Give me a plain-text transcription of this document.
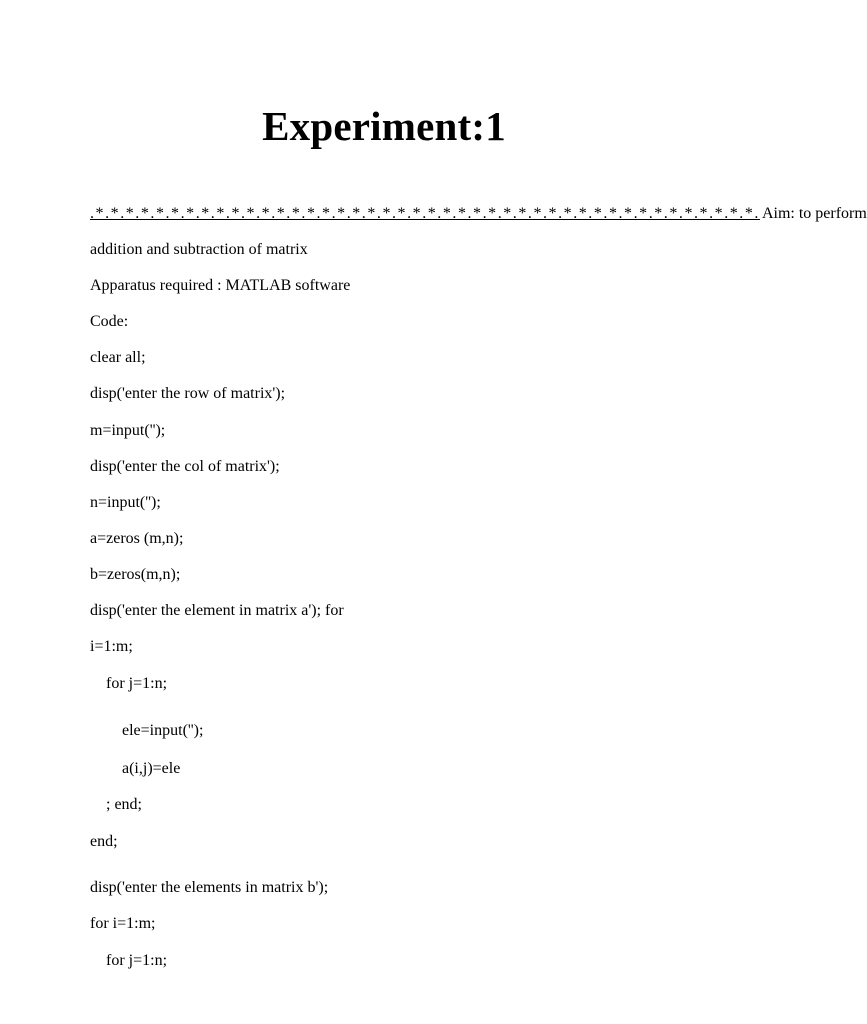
Experiment:1
.*.*.*.*.*.*.*.*.*.*.*.*.*.*.*.*.*.*.*.*.*.*.*.*.*.*.*.*.*.*.*.*.*.*.*.*.*.*.*.*.*.*.*.*. Aim: to perform
addition and subtraction of matrix
Apparatus required : MATLAB software
Code:
clear all;
disp('enter the row of matrix');
m=input('');
disp('enter the col of matrix');
n=input('');
a=zeros (m,n);
b=zeros(m,n);
disp('enter the element in matrix a'); for
i=1:m;
for j=1:n;
ele=input('');
a(i,j)=ele
; end;
end;
disp('enter the elements in matrix b');
for i=1:m;
for j=1:n;
